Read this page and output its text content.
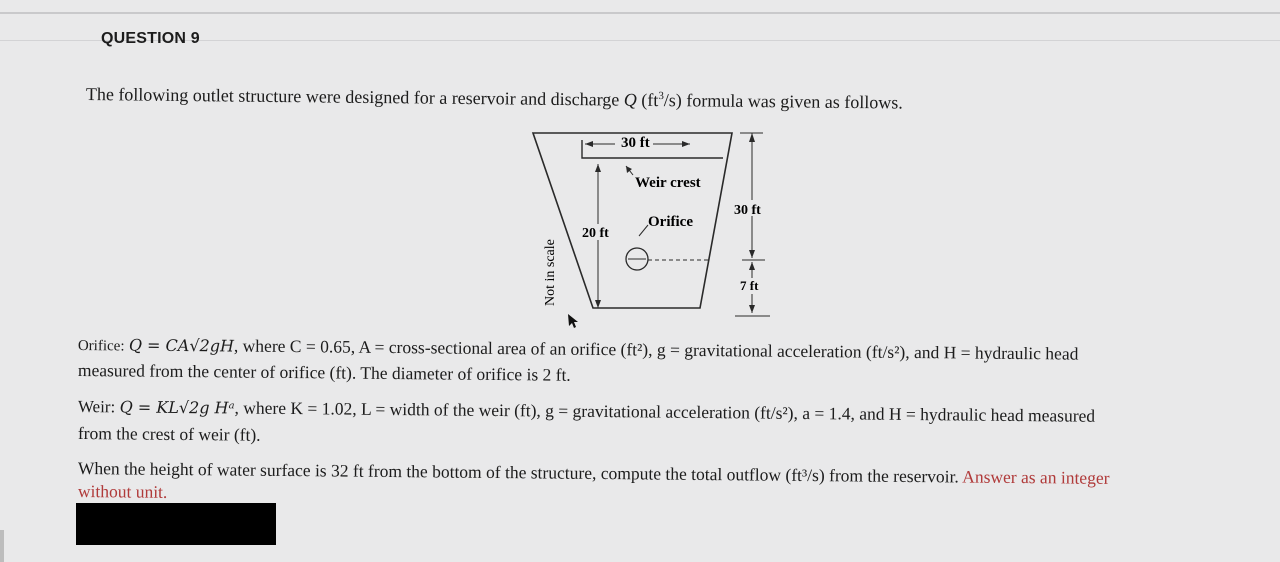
QUESTION 9
The following outlet structure were designed for a reservoir and discharge Q $(ft^3/s)$ formula was given as follows.
30 ft
Weir crest
20 ft
Orifice
30 ft
7 ft
Not in scale
Orifice: Q = CA√2gH, where C = 0.65, A = cross-sectional area of an orifice (ft²), g = gravitational acceleration (ft/s²), and H = hydraulic head
measured from the center of orifice (ft). The diameter of orifice is 2 ft.
Weir: Q = KL√2g Hᵃ, where K = 1.02, L = width of the weir (ft), g = gravitational acceleration (ft/s²), a = 1.4, and H = hydraulic head measured
from the crest of weir (ft).
When the height of water surface is 32 ft from the bottom of the structure, compute the total outflow (ft³/s) from the reservoir. Answer as an integer
without unit.
